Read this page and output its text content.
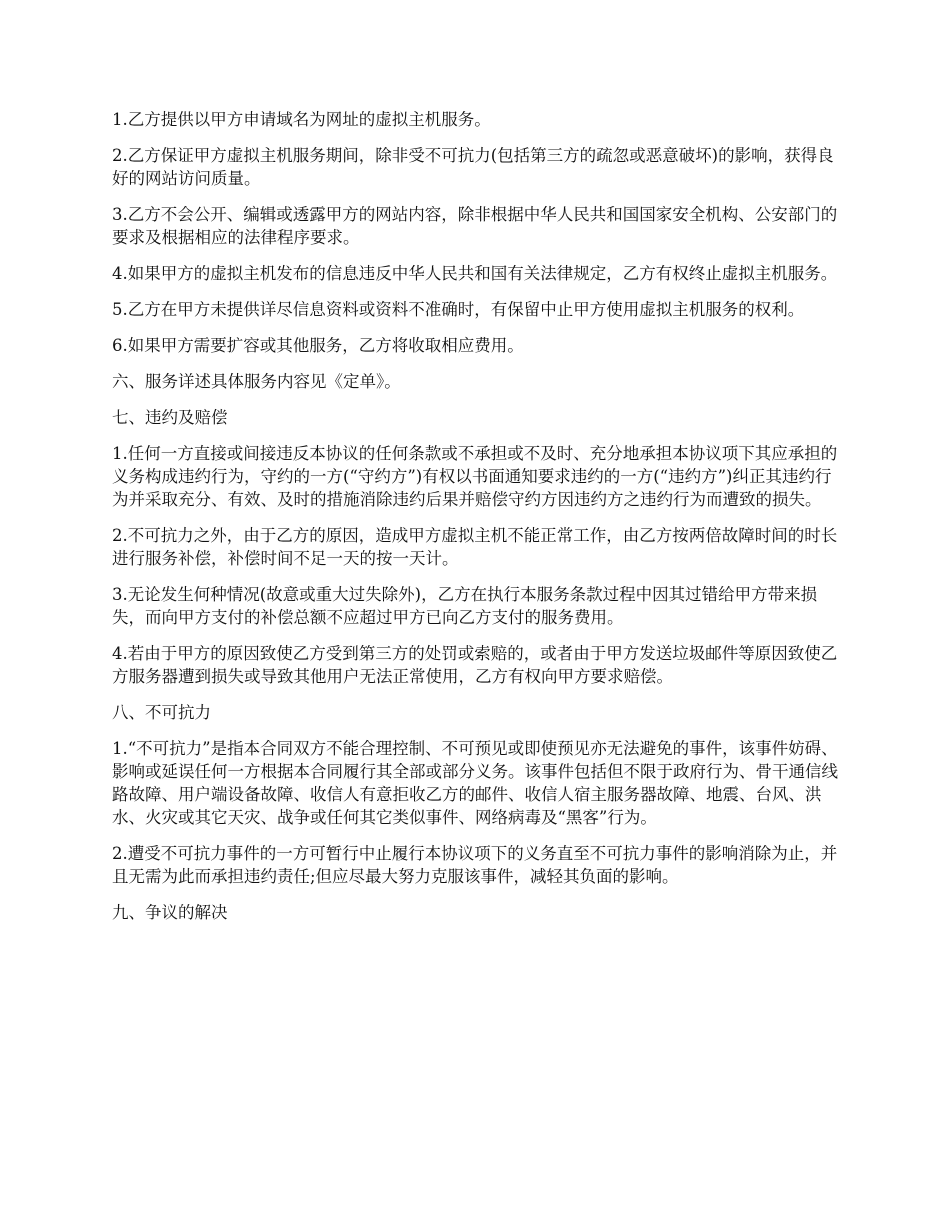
1.乙方提供以甲方申请域名为网址的虚拟主机服务。

2.乙方保证甲方虚拟主机服务期间，除非受不可抗力(包括第三方的疏忽或恶意破坏)的影响，获得良好的网站访问质量。

3.乙方不会公开、编辑或透露甲方的网站内容，除非根据中华人民共和国国家安全机构、公安部门的要求及根据相应的法律程序要求。

4.如果甲方的虚拟主机发布的信息违反中华人民共和国有关法律规定，乙方有权终止虚拟主机服务。

5.乙方在甲方未提供详尽信息资料或资料不准确时，有保留中止甲方使用虚拟主机服务的权利。

6.如果甲方需要扩容或其他服务，乙方将收取相应费用。

六、服务详述具体服务内容见《定单》。

七、违约及赔偿

1.任何一方直接或间接违反本协议的任何条款或不承担或不及时、充分地承担本协议项下其应承担的义务构成违约行为，守约的一方(“守约方”)有权以书面通知要求违约的一方(“违约方”)纠正其违约行为并采取充分、有效、及时的措施消除违约后果并赔偿守约方因违约方之违约行为而遭致的损失。

2.不可抗力之外，由于乙方的原因，造成甲方虚拟主机不能正常工作，由乙方按两倍故障时间的时长进行服务补偿，补偿时间不足一天的按一天计。

3.无论发生何种情况(故意或重大过失除外)，乙方在执行本服务条款过程中因其过错给甲方带来损失，而向甲方支付的补偿总额不应超过甲方已向乙方支付的服务费用。

4.若由于甲方的原因致使乙方受到第三方的处罚或索赔的，或者由于甲方发送垃圾邮件等原因致使乙方服务器遭到损失或导致其他用户无法正常使用，乙方有权向甲方要求赔偿。

八、不可抗力

1.“不可抗力”是指本合同双方不能合理控制、不可预见或即使预见亦无法避免的事件，该事件妨碍、影响或延误任何一方根据本合同履行其全部或部分义务。该事件包括但不限于政府行为、骨干通信线路故障、用户端设备故障、收信人有意拒收乙方的邮件、收信人宿主服务器故障、地震、台风、洪水、火灾或其它天灾、战争或任何其它类似事件、网络病毒及“黑客”行为。

2.遭受不可抗力事件的一方可暂行中止履行本协议项下的义务直至不可抗力事件的影响消除为止，并且无需为此而承担违约责任;但应尽最大努力克服该事件，减轻其负面的影响。

九、争议的解决
